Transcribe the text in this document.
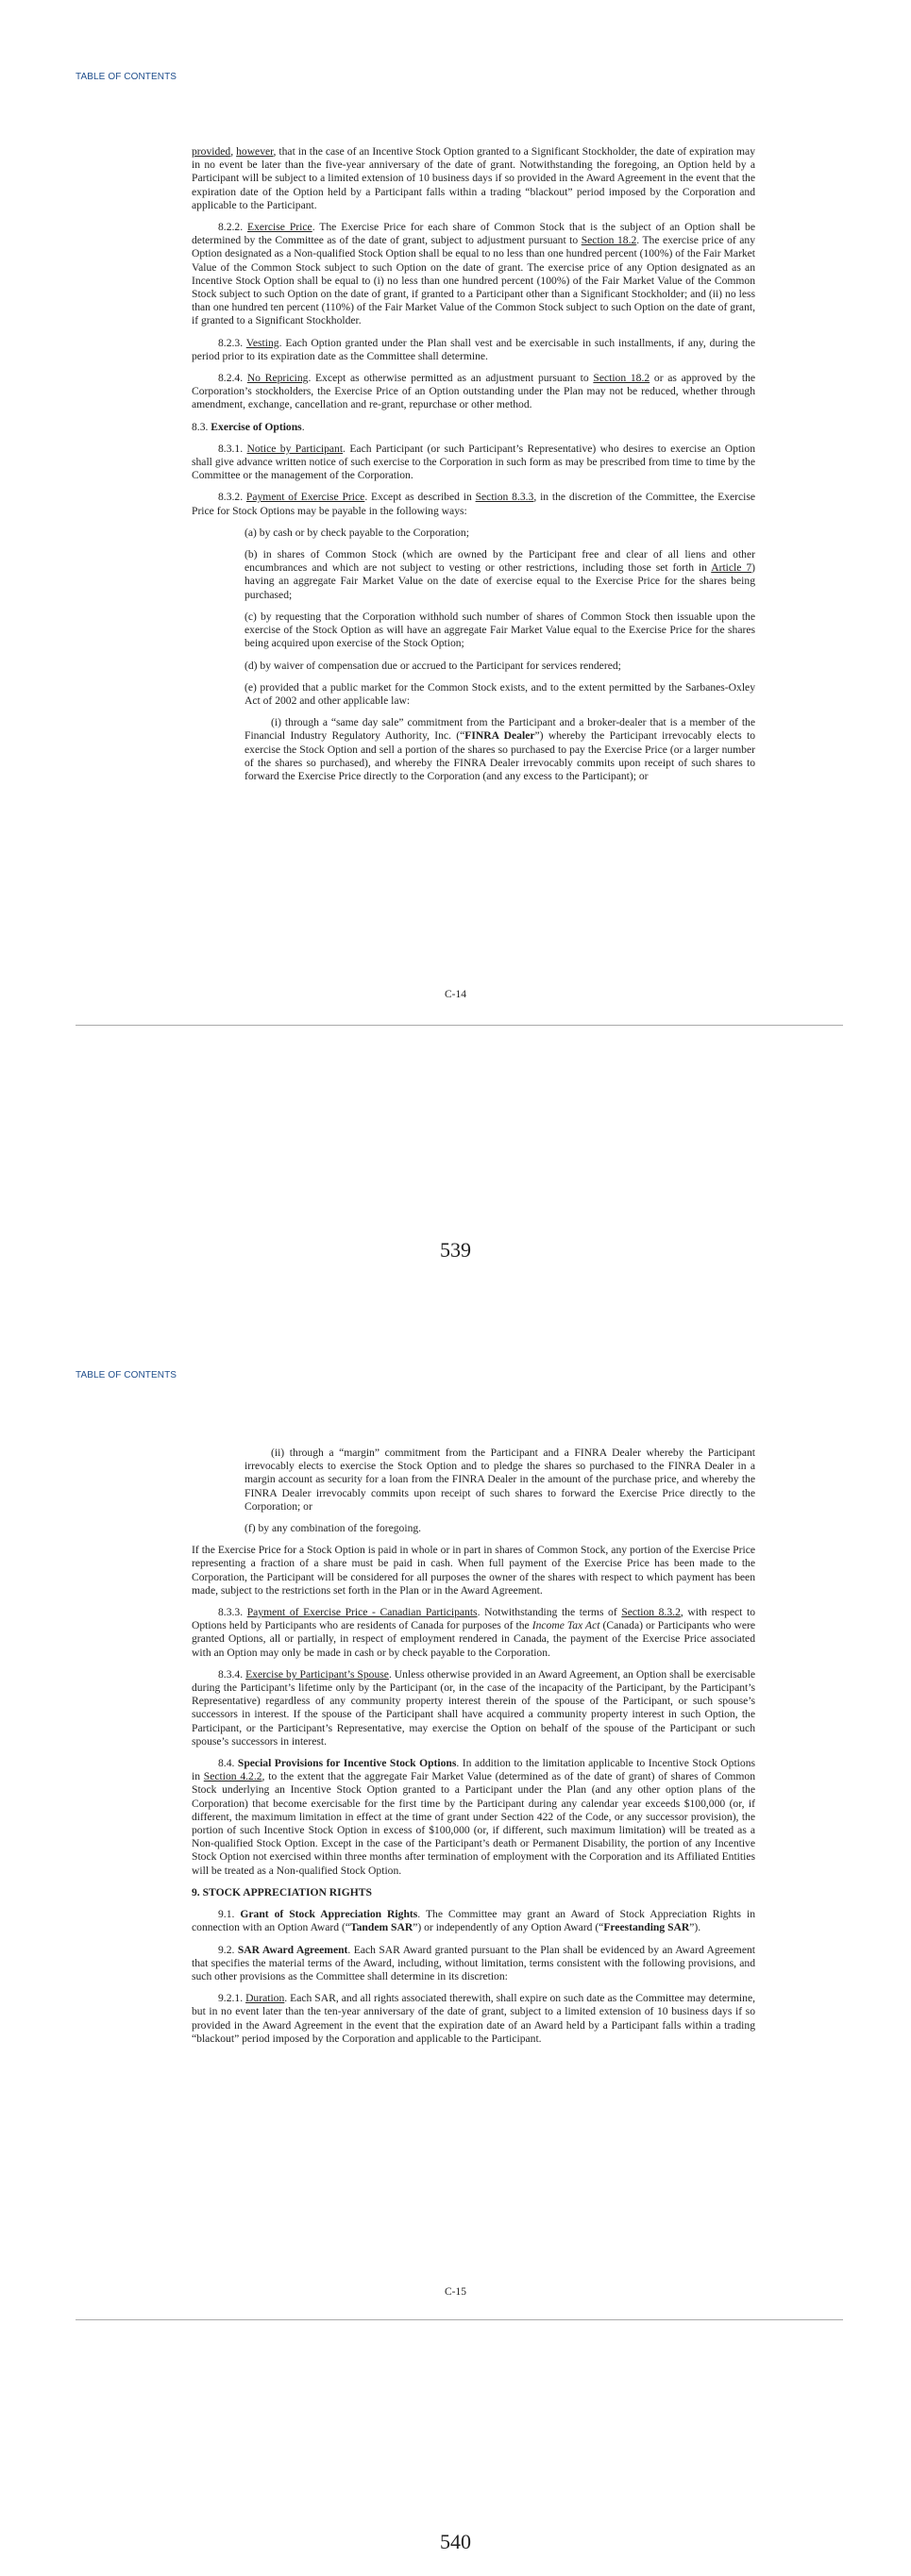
TABLE OF CONTENTS

provided, however, that in the case of an Incentive Stock Option granted to a Significant Stockholder, the date of expiration may in no event be later than the five-year anniversary of the date of grant. Notwithstanding the foregoing, an Option held by a Participant will be subject to a limited extension of 10 business days if so provided in the Award Agreement in the event that the expiration date of the Option held by a Participant falls within a trading “blackout” period imposed by the Corporation and applicable to the Participant.

8.2.2. Exercise Price. The Exercise Price for each share of Common Stock that is the subject of an Option shall be determined by the Committee as of the date of grant, subject to adjustment pursuant to Section 18.2. The exercise price of any Option designated as a Non-qualified Stock Option shall be equal to no less than one hundred percent (100%) of the Fair Market Value of the Common Stock subject to such Option on the date of grant. The exercise price of any Option designated as an Incentive Stock Option shall be equal to (i) no less than one hundred percent (100%) of the Fair Market Value of the Common Stock subject to such Option on the date of grant, if granted to a Participant other than a Significant Stockholder; and (ii) no less than one hundred ten percent (110%) of the Fair Market Value of the Common Stock subject to such Option on the date of grant, if granted to a Significant Stockholder.

8.2.3. Vesting. Each Option granted under the Plan shall vest and be exercisable in such installments, if any, during the period prior to its expiration date as the Committee shall determine.

8.2.4. No Repricing. Except as otherwise permitted as an adjustment pursuant to Section 18.2 or as approved by the Corporation’s stockholders, the Exercise Price of an Option outstanding under the Plan may not be reduced, whether through amendment, exchange, cancellation and re-grant, repurchase or other method.

8.3. Exercise of Options.

8.3.1. Notice by Participant. Each Participant (or such Participant’s Representative) who desires to exercise an Option shall give advance written notice of such exercise to the Corporation in such form as may be prescribed from time to time by the Committee or the management of the Corporation.

8.3.2. Payment of Exercise Price. Except as described in Section 8.3.3, in the discretion of the Committee, the Exercise Price for Stock Options may be payable in the following ways:

(a) by cash or by check payable to the Corporation;

(b) in shares of Common Stock (which are owned by the Participant free and clear of all liens and other encumbrances and which are not subject to vesting or other restrictions, including those set forth in Article 7) having an aggregate Fair Market Value on the date of exercise equal to the Exercise Price for the shares being purchased;

(c) by requesting that the Corporation withhold such number of shares of Common Stock then issuable upon the exercise of the Stock Option as will have an aggregate Fair Market Value equal to the Exercise Price for the shares being acquired upon exercise of the Stock Option;

(d) by waiver of compensation due or accrued to the Participant for services rendered;

(e) provided that a public market for the Common Stock exists, and to the extent permitted by the Sarbanes-Oxley Act of 2002 and other applicable law:

(i) through a “same day sale” commitment from the Participant and a broker-dealer that is a member of the Financial Industry Regulatory Authority, Inc. (“FINRA Dealer”) whereby the Participant irrevocably elects to exercise the Stock Option and sell a portion of the shares so purchased to pay the Exercise Price (or a larger number of the shares so purchased), and whereby the FINRA Dealer irrevocably commits upon receipt of such shares to forward the Exercise Price directly to the Corporation (and any excess to the Participant); or

C-14
539
TABLE OF CONTENTS

(ii) through a “margin” commitment from the Participant and a FINRA Dealer whereby the Participant irrevocably elects to exercise the Stock Option and to pledge the shares so purchased to the FINRA Dealer in a margin account as security for a loan from the FINRA Dealer in the amount of the purchase price, and whereby the FINRA Dealer irrevocably commits upon receipt of such shares to forward the Exercise Price directly to the Corporation; or

(f) by any combination of the foregoing.

If the Exercise Price for a Stock Option is paid in whole or in part in shares of Common Stock, any portion of the Exercise Price representing a fraction of a share must be paid in cash. When full payment of the Exercise Price has been made to the Corporation, the Participant will be considered for all purposes the owner of the shares with respect to which payment has been made, subject to the restrictions set forth in the Plan or in the Award Agreement.

8.3.3. Payment of Exercise Price - Canadian Participants. Notwithstanding the terms of Section 8.3.2, with respect to Options held by Participants who are residents of Canada for purposes of the Income Tax Act (Canada) or Participants who were granted Options, all or partially, in respect of employment rendered in Canada, the payment of the Exercise Price associated with an Option may only be made in cash or by check payable to the Corporation.

8.3.4. Exercise by Participant’s Spouse. Unless otherwise provided in an Award Agreement, an Option shall be exercisable during the Participant’s lifetime only by the Participant (or, in the case of the incapacity of the Participant, by the Participant’s Representative) regardless of any community property interest therein of the spouse of the Participant, or such spouse’s successors in interest. If the spouse of the Participant shall have acquired a community property interest in such Option, the Participant, or the Participant’s Representative, may exercise the Option on behalf of the spouse of the Participant or such spouse’s successors in interest.

8.4. Special Provisions for Incentive Stock Options. In addition to the limitation applicable to Incentive Stock Options in Section 4.2.2, to the extent that the aggregate Fair Market Value (determined as of the date of grant) of shares of Common Stock underlying an Incentive Stock Option granted to a Participant under the Plan (and any other option plans of the Corporation) that become exercisable for the first time by the Participant during any calendar year exceeds $100,000 (or, if different, the maximum limitation in effect at the time of grant under Section 422 of the Code, or any successor provision), the portion of such Incentive Stock Option in excess of $100,000 (or, if different, such maximum limitation) will be treated as a Non-qualified Stock Option. Except in the case of the Participant’s death or Permanent Disability, the portion of any Incentive Stock Option not exercised within three months after termination of employment with the Corporation and its Affiliated Entities will be treated as a Non-qualified Stock Option.

9. STOCK APPRECIATION RIGHTS

9.1. Grant of Stock Appreciation Rights. The Committee may grant an Award of Stock Appreciation Rights in connection with an Option Award (“Tandem SAR”) or independently of any Option Award (“Freestanding SAR”).

9.2. SAR Award Agreement. Each SAR Award granted pursuant to the Plan shall be evidenced by an Award Agreement that specifies the material terms of the Award, including, without limitation, terms consistent with the following provisions, and such other provisions as the Committee shall determine in its discretion:

9.2.1. Duration. Each SAR, and all rights associated therewith, shall expire on such date as the Committee may determine, but in no event later than the ten-year anniversary of the date of grant, subject to a limited extension of 10 business days if so provided in the Award Agreement in the event that the expiration date of an Award held by a Participant falls within a trading “blackout” period imposed by the Corporation and applicable to the Participant.

C-15
540
